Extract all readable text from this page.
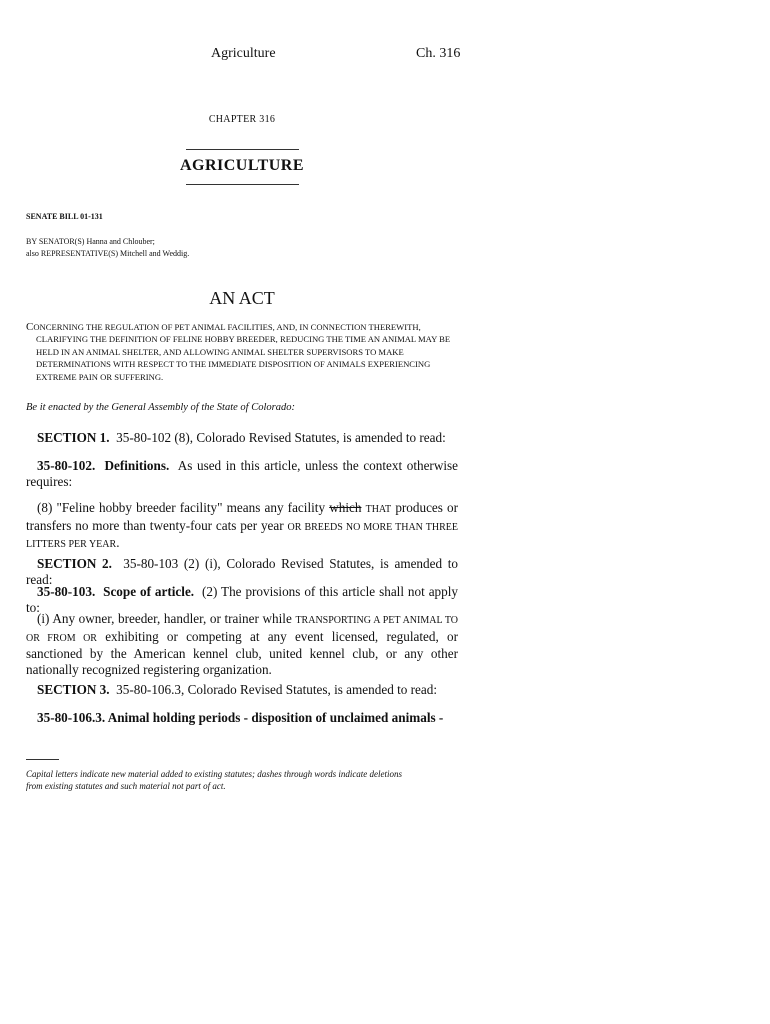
Agriculture	Ch. 316
CHAPTER 316
AGRICULTURE
SENATE BILL 01-131
BY SENATOR(S) Hanna and Chlouber;
also REPRESENTATIVE(S) Mitchell and Weddig.
AN ACT
CONCERNING THE REGULATION OF PET ANIMAL FACILITIES, AND, IN CONNECTION THEREWITH,
CLARIFYING THE DEFINITION OF FELINE HOBBY BREEDER, REDUCING THE TIME AN ANIMAL MAY BE
HELD IN AN ANIMAL SHELTER, AND ALLOWING ANIMAL SHELTER SUPERVISORS TO MAKE
DETERMINATIONS WITH RESPECT TO THE IMMEDIATE DISPOSITION OF ANIMALS EXPERIENCING
EXTREME PAIN OR SUFFERING.
Be it enacted by the General Assembly of the State of Colorado:
SECTION 1. 35-80-102 (8), Colorado Revised Statutes, is amended to read:
35-80-102. Definitions. As used in this article, unless the context otherwise requires:
(8) "Feline hobby breeder facility" means any facility which THAT produces or transfers no more than twenty-four cats per year OR BREEDS NO MORE THAN THREE LITTERS PER YEAR.
SECTION 2. 35-80-103 (2) (i), Colorado Revised Statutes, is amended to read:
35-80-103. Scope of article. (2) The provisions of this article shall not apply to:
(i) Any owner, breeder, handler, or trainer while TRANSPORTING A PET ANIMAL TO OR FROM OR exhibiting or competing at any event licensed, regulated, or sanctioned by the American kennel club, united kennel club, or any other nationally recognized registering organization.
SECTION 3. 35-80-106.3, Colorado Revised Statutes, is amended to read:
35-80-106.3. Animal holding periods - disposition of unclaimed animals -
Capital letters indicate new material added to existing statutes; dashes through words indicate deletions
from existing statutes and such material not part of act.
